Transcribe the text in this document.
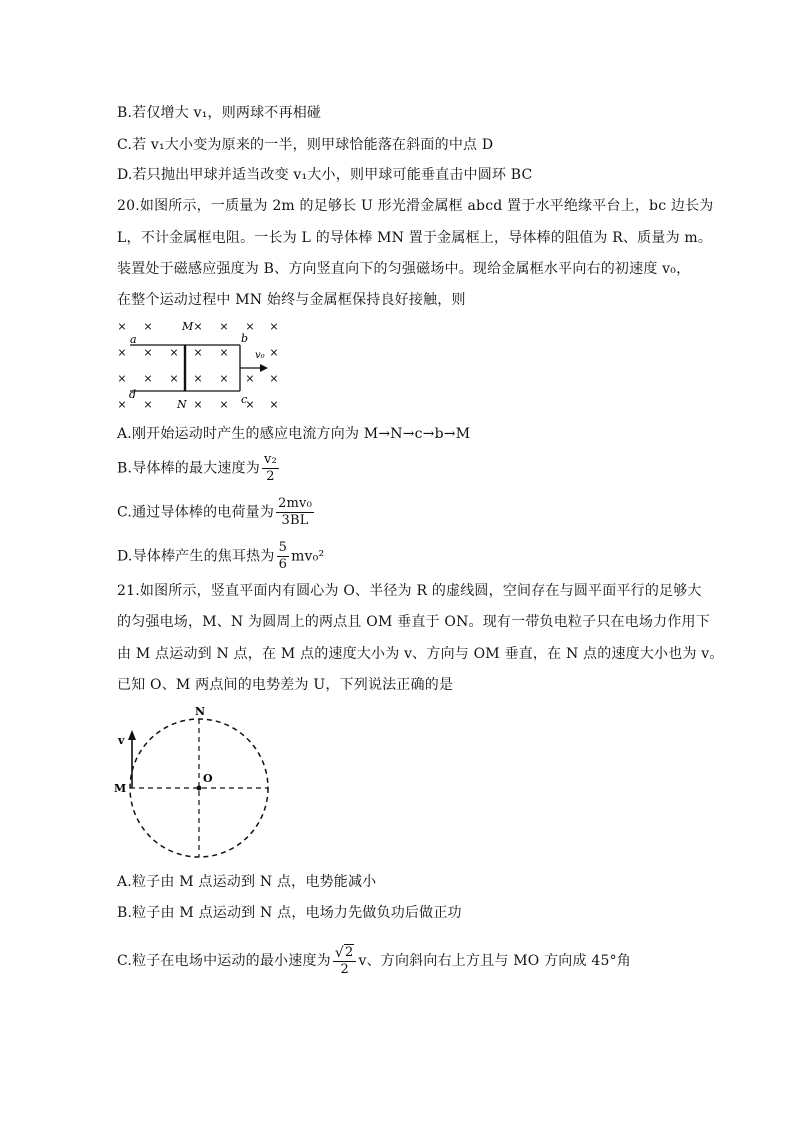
B.若仅增大 v₁，则两球不再相碰
C.若 v₁大小变为原来的一半，则甲球恰能落在斜面的中点 D
D.若只抛出甲球并适当改变 v₁大小，则甲球可能垂直击中圆环 BC
20.如图所示，一质量为 2m 的足够长 U 形光滑金属框 abcd 置于水平绝缘平台上，bc 边长为
L，不计金属框电阻。一长为 L 的导体棒 MN 置于金属框上，导体棒的阻值为 R、质量为 m。
装置处于磁感应强度为 B、方向竖直向下的匀强磁场中。现给金属框水平向右的初速度 v₀，
在整个运动过程中 MN 始终与金属框保持良好接触，则
× ×	× × × ×
× × × × ×	×
× × × × × × ×
× ×	× × × ×
M
N
a	b
c
d
v₀
A.刚开始运动时产生的感应电流方向为 M→N→c→b→M
B.导体棒的最大速度为 $\frac{\text{v₂}}{2}$
C.通过导体棒的电荷量为 $\frac{\text{2mv₀}}{3BL}$
D.导体棒产生的焦耳热为 $\frac{5}{6} mv_0^2$
21.如图所示，竖直平面内有圆心为 O、半径为 R 的虚线圆，空间存在与圆平面平行的足够大
的匀强电场，M、N 为圆周上的两点且 OM 垂直于 ON。现有一带负电粒子只在电场力作用下
由 M 点运动到 N 点，在 M 点的速度大小为 v、方向与 OM 垂直，在 N 点的速度大小也为 v。
已知 O、M 两点间的电势差为 U，下列说法正确的是
N
O
M
v
A.粒子由 M 点运动到 N 点，电势能减小
B.粒子由 M 点运动到 N 点，电场力先做负功后做正功
C.粒子在电场中运动的最小速度为 $\frac{√ 2}{2}$ v、方向斜向右上方且与 MO 方向成 45°角
